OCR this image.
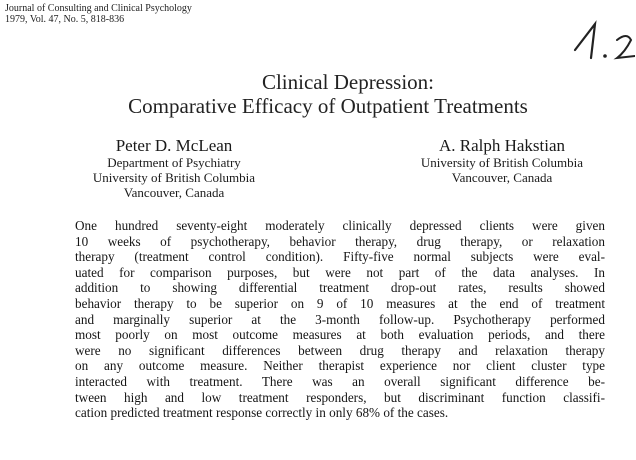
Journal of Consulting and Clinical Psychology
1979, Vol. 47, No. 5, 818-836
Clinical Depression:
Comparative Efficacy of Outpatient Treatments
Peter D. McLean
Department of Psychiatry
University of British Columbia
Vancouver, Canada
A. Ralph Hakstian
University of British Columbia
Vancouver, Canada
One hundred seventy-eight moderately clinically depressed clients were given
10 weeks of psychotherapy, behavior therapy, drug therapy, or relaxation
therapy (treatment control condition). Fifty-five normal subjects were eval-
uated for comparison purposes, but were not part of the data analyses. In
addition to showing differential treatment drop-out rates, results showed
behavior therapy to be superior on 9 of 10 measures at the end of treatment
and marginally superior at the 3-month follow-up. Psychotherapy performed
most poorly on most outcome measures at both evaluation periods, and there
were no significant differences between drug therapy and relaxation therapy
on any outcome measure. Neither therapist experience nor client cluster type
interacted with treatment. There was an overall significant difference be-
tween high and low treatment responders, but discriminant function classifi-
cation predicted treatment response correctly in only 68% of the cases.
